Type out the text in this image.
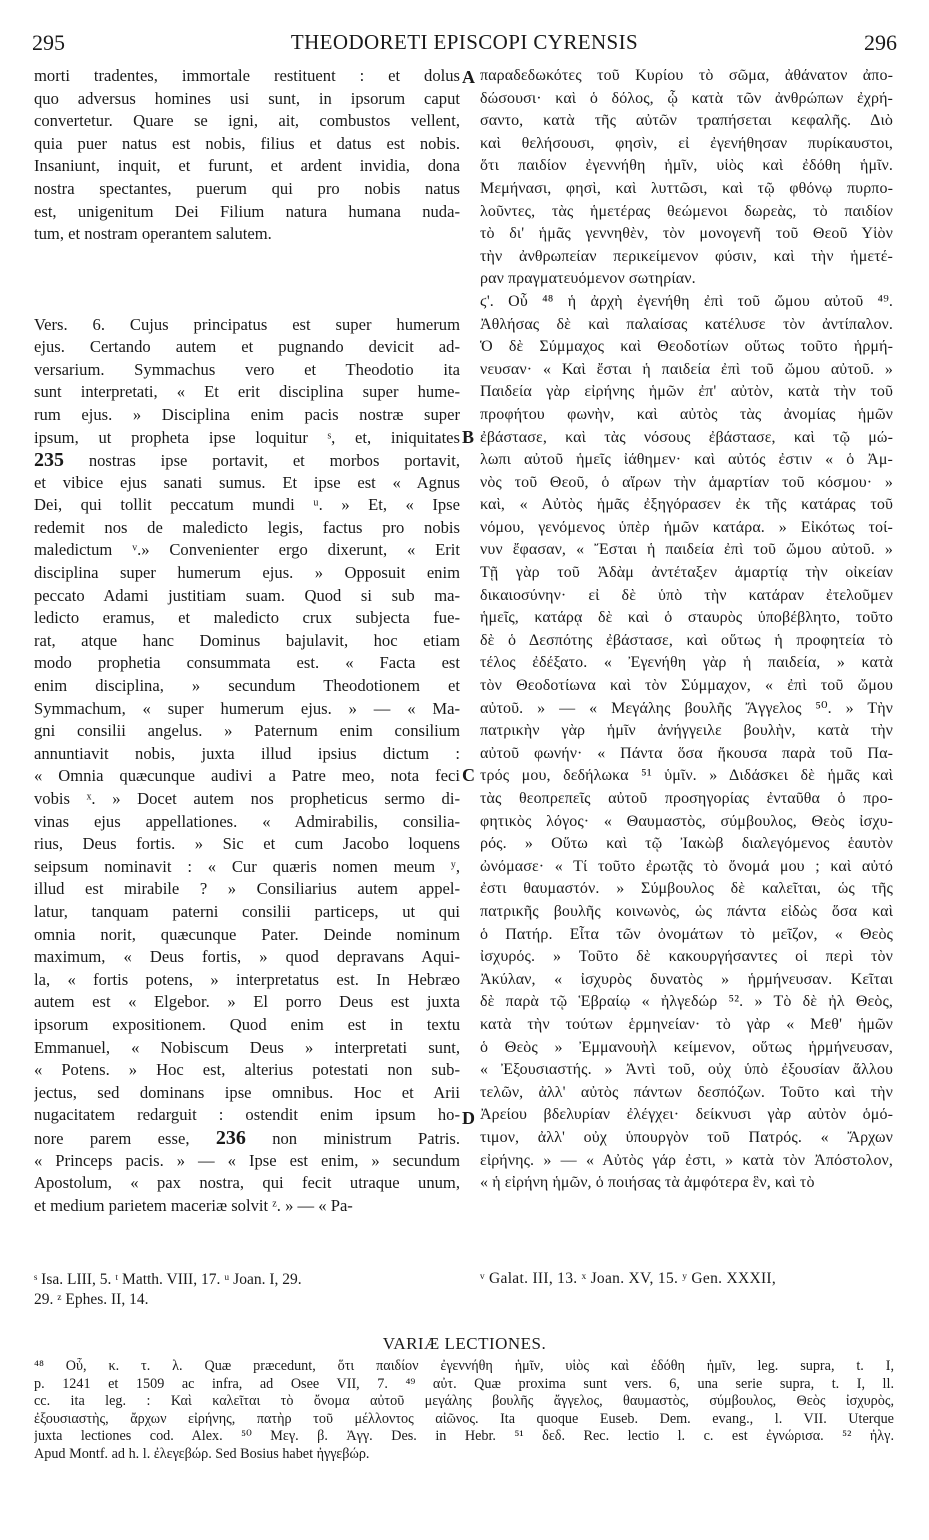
295	THEODORETI EPISCOPI CYRENSIS	296
morti tradentes, immortale restituent : et dolus
quo adversus homines usi sunt, in ipsorum caput
convertetur. Quare se igni, ait, combustos vellent,
quia puer natus est nobis, filius et datus est nobis.
Insaniunt, inquit, et furunt, et ardent invidia, dona
nostra spectantes, puerum qui pro nobis natus
est, unigenitum Dei Filium natura humana nuda-
tum, et nostram operantem salutem.
Vers. 6. Cujus principatus est super humerum
ejus. Certando autem et pugnando devicit ad-
versarium. Symmachus vero et Theodotio ita
sunt interpretati, « Et erit disciplina super hume-
rum ejus. » Disciplina enim pacis nostræ super
ipsum, ut propheta ipse loquitur ˢ, et, iniquitates
235 nostras ipse portavit, et morbos portavit,
et vibice ejus sanati sumus. Et ipse est « Agnus
Dei, qui tollit peccatum mundi ᵘ. » Et, « Ipse
redemit nos de maledicto legis, factus pro nobis
maledictum ᵛ.» Convenienter ergo dixerunt, « Erit
disciplina super humerum ejus. » Opposuit enim
peccato Adami justitiam suam. Quod si sub ma-
ledicto eramus, et maledicto crux subjecta fue-
rat, atque hanc Dominus bajulavit, hoc etiam
modo prophetia consummata est. « Facta est
enim disciplina, » secundum Theodotionem et
Symmachum, « super humerum ejus. » — « Ma-
gni consilii angelus. » Paternum enim consilium
annuntiavit nobis, juxta illud ipsius dictum :
« Omnia quæcunque audivi a Patre meo, nota feci
vobis ˣ. » Docet autem nos propheticus sermo di-
vinas ejus appellationes. « Admirabilis, consilia-
rius, Deus fortis. » Sic et cum Jacobo loquens
seipsum nominavit : « Cur quæris nomen meum ʸ,
illud est mirabile ? » Consiliarius autem appel-
latur, tanquam paterni consilii particeps, ut qui
omnia norit, quæcunque Pater. Deinde nominum
maximum, « Deus fortis, » quod depravans Aqui-
la, « fortis potens, » interpretatus est. In Hebræo
autem est « Elgebor. » El porro Deus est juxta
ipsorum expositionem. Quod enim est in textu
Emmanuel, « Nobiscum Deus » interpretati sunt,
« Potens. » Hoc est, alterius potestati non sub-
jectus, sed dominans ipse omnibus. Hoc et Arii
nugacitatem redarguit : ostendit enim ipsum ho-
nore parem esse, 236 non ministrum Patris.
« Princeps pacis. » — « Ipse est enim, » secundum
Apostolum, « pax nostra, qui fecit utraque unum,
et medium parietem maceriæ solvit ᶻ. » — « Pa-
παραδεδωκότες τοῦ Κυρίου τὸ σῶμα, ἀθάνατον ἀπο-
δώσουσι· καὶ ὁ δόλος, ᾧ κατὰ τῶν ἀνθρώπων ἐχρή-
σαντο, κατὰ τῆς αὐτῶν τραπήσεται κεφαλῆς. Διὸ
καὶ θελήσουσι, φησὶν, εἰ ἐγενήθησαν πυρίκαυστοι,
ὅτι παιδίον ἐγεννήθη ἡμῖν, υἱὸς καὶ ἐδόθη ἡμῖν.
Μεμήνασι, φησὶ, καὶ λυττῶσι, καὶ τῷ φθόνῳ πυρπο-
λοῦντες, τὰς ἡμετέρας θεώμενοι δωρεὰς, τὸ παιδίον
τὸ δι' ἡμᾶς γεννηθὲν, τὸν μονογενῆ τοῦ Θεοῦ Υἱὸν
τὴν ἀνθρωπείαν περικείμενον φύσιν, καὶ τὴν ἡμετέ-
ραν πραγματευόμενον σωτηρίαν.
ϛ'. Οὗ ⁴⁸ ἡ ἀρχὴ ἐγενήθη ἐπὶ τοῦ ὤμου αὐτοῦ ⁴⁹.
Ἀθλήσας δὲ καὶ παλαίσας κατέλυσε τὸν ἀντίπαλον.
Ὁ δὲ Σύμμαχος καὶ Θεοδοτίων οὕτως τοῦτο ἡρμή-
νευσαν· « Καὶ ἔσται ἡ παιδεία ἐπὶ τοῦ ὤμου αὐτοῦ. »
Παιδεία γὰρ εἰρήνης ἡμῶν ἐπ' αὐτὸν, κατὰ τὴν τοῦ
προφήτου φωνὴν, καὶ αὐτὸς τὰς ἀνομίας ἡμῶν
ἐβάστασε, καὶ τὰς νόσους ἐβάστασε, καὶ τῷ μώ-
λωπι αὐτοῦ ἡμεῖς ἰάθημεν· καὶ αὐτός ἐστιν « ὁ Ἀμ-
νὸς τοῦ Θεοῦ, ὁ αἴρων τὴν ἁμαρτίαν τοῦ κόσμου· »
καὶ, « Αὐτὸς ἡμᾶς ἐξηγόρασεν ἐκ τῆς κατάρας τοῦ
νόμου, γενόμενος ὑπὲρ ἡμῶν κατάρα. » Εἰκότως τοί-
νυν ἔφασαν, « Ἔσται ἡ παιδεία ἐπὶ τοῦ ὤμου αὐτοῦ. »
Τῇ γὰρ τοῦ Ἀδὰμ ἀντέταξεν ἁμαρτίᾳ τὴν οἰκείαν
δικαιοσύνην· εἰ δὲ ὑπὸ τὴν κατάραν ἐτελοῦμεν
ἡμεῖς, κατάρᾳ δὲ καὶ ὁ σταυρὸς ὑποβέβλητο, τοῦτο
δὲ ὁ Δεσπότης ἐβάστασε, καὶ οὕτως ἡ προφητεία τὸ
τέλος ἐδέξατο. « Ἐγενήθη γὰρ ἡ παιδεία, » κατὰ
τὸν Θεοδοτίωνα καὶ τὸν Σύμμαχον, « ἐπὶ τοῦ ὤμου
αὐτοῦ. » — « Μεγάλης βουλῆς Ἄγγελος ⁵⁰. » Τὴν
πατρικὴν γὰρ ἡμῖν ἀνήγγειλε βουλὴν, κατὰ τὴν
αὐτοῦ φωνήν· « Πάντα ὅσα ἤκουσα παρὰ τοῦ Πα-
τρός μου, δεδήλωκα ⁵¹ ὑμῖν. » Διδάσκει δὲ ἡμᾶς καὶ
τὰς θεοπρεπεῖς αὐτοῦ προσηγορίας ἐνταῦθα ὁ προ-
φητικὸς λόγος· « Θαυμαστὸς, σύμβουλος, Θεὸς ἰσχυ-
ρός. » Οὕτω καὶ τῷ Ἰακὼβ διαλεγόμενος ἑαυτὸν
ὠνόμασε· « Τί τοῦτο ἐρωτᾷς τὸ ὄνομά μου ; καὶ αὐτό
ἐστι θαυμαστόν. » Σύμβουλος δὲ καλεῖται, ὡς τῆς
πατρικῆς βουλῆς κοινωνὸς, ὡς πάντα εἰδὼς ὅσα καὶ
ὁ Πατήρ. Εἶτα τῶν ὀνομάτων τὸ μεῖζον, « Θεὸς
ἰσχυρός. » Τοῦτο δὲ κακουργήσαντες οἱ περὶ τὸν
Ἀκύλαν, « ἰσχυρὸς δυνατὸς » ἡρμήνευσαν. Κεῖται
δὲ παρὰ τῷ Ἑβραίῳ « ἠλγεδώρ ⁵². » Τὸ δὲ ἠλ Θεὸς,
κατὰ τὴν τούτων ἑρμηνείαν· τὸ γὰρ « Μεθ' ἡμῶν
ὁ Θεὸς » Ἐμμανουὴλ κείμενον, οὕτως ἡρμήνευσαν,
« Ἐξουσιαστής. » Ἀντὶ τοῦ, οὐχ ὑπὸ ἐξουσίαν ἄλλου
τελῶν, ἀλλ' αὐτὸς πάντων δεσπόζων. Τοῦτο καὶ τὴν
Ἀρείου βδελυρίαν ἐλέγχει· δείκνυσι γὰρ αὐτὸν ὁμό-
τιμον, ἀλλ' οὐχ ὑπουργὸν τοῦ Πατρός. « Ἄρχων
εἰρήνης. » — « Αὐτὸς γάρ ἐστι, » κατὰ τὸν Ἀπόστολον,
« ἡ εἰρήνη ἡμῶν, ὁ ποιήσας τὰ ἀμφότερα ἓν, καὶ τὸ
A
B
C
D
ˢ Isa. LIII, 5. ᵗ Matth. VIII, 17. ᵘ Joan. I, 29.
29. ᶻ Ephes. II, 14.
ᵛ Galat. III, 13. ˣ Joan. XV, 15. ʸ Gen. XXXII,
VARIÆ LECTIONES.
⁴⁸ Οὗ, κ. τ. λ. Quæ præcedunt, ὅτι παιδίον ἐγεννήθη ἡμῖν, υἱὸς καὶ ἐδόθη ἡμῖν, leg. supra, t. I,
p. 1241 et 1509 ac infra, ad Osee VII, 7. ⁴⁹ αὐτ. Quæ proxima sunt vers. 6, una serie supra, t. I, ll.
cc. ita leg. : Καὶ καλεῖται τὸ ὄνομα αὐτοῦ μεγάλης βουλῆς ἄγγελος, θαυμαστὸς, σύμβουλος, Θεὸς ἰσχυρὸς,
ἐξουσιαστὴς, ἄρχων εἰρήνης, πατὴρ τοῦ μέλλοντος αἰῶνος. Ita quoque Euseb. Dem. evang., l. VII. Uterque
juxta lectiones cod. Alex. ⁵⁰ Μεγ. β. Ἀγγ. Des. in Hebr. ⁵¹ δεδ. Rec. lectio l. c. est ἐγνώρισα. ⁵² ἠλγ.
Apud Montf. ad h. l. ἐλεγεβώρ. Sed Bosius habet ἠγγεβώρ.
